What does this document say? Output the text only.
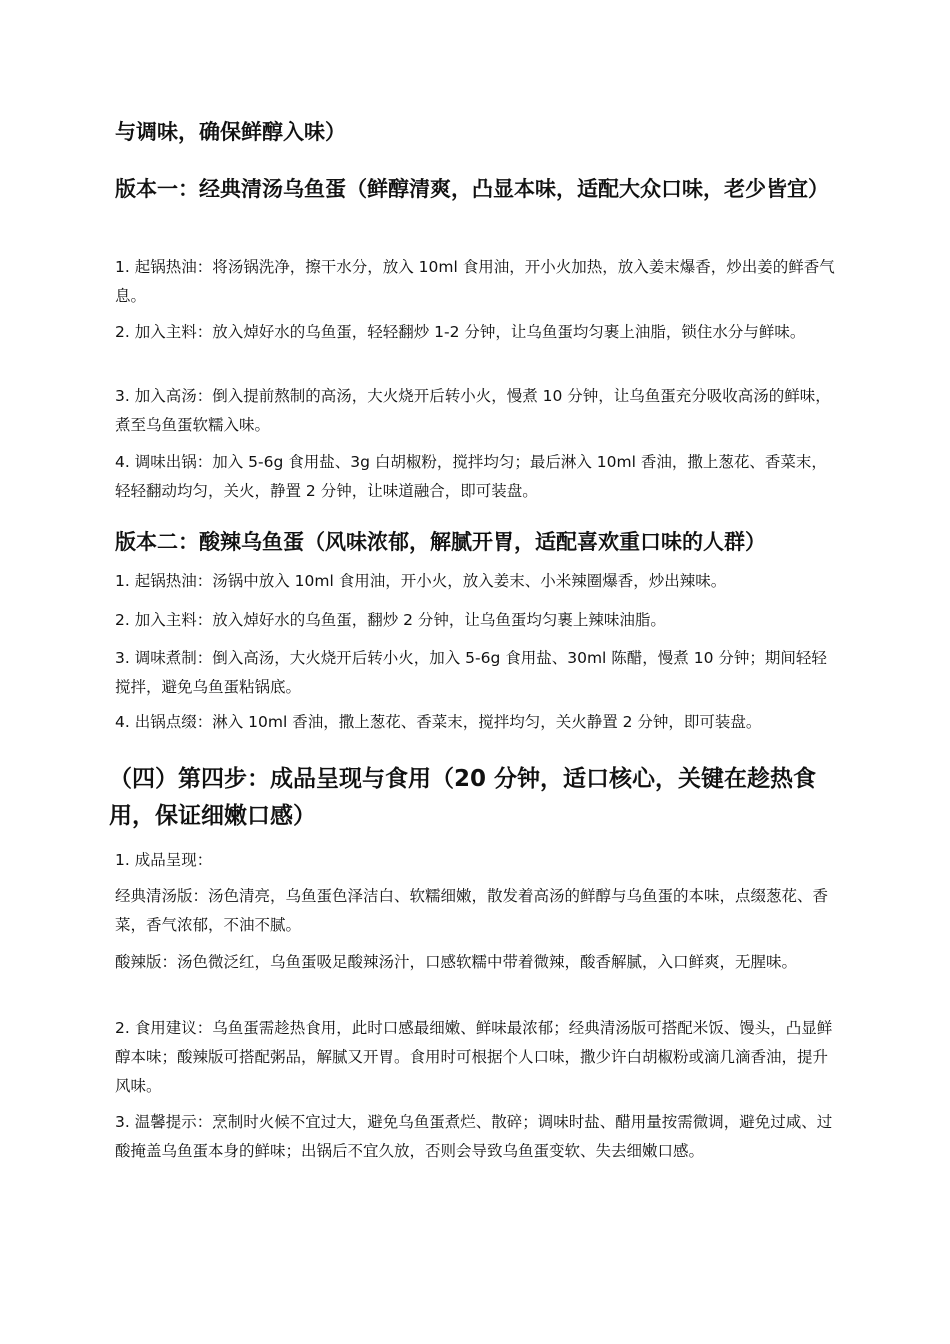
与调味，确保鲜醇入味）

版本一：经典清汤乌鱼蛋（鲜醇清爽，凸显本味，适配大众口味，老少皆宜）

1. 起锅热油：将汤锅洗净，擦干水分，放入 10ml 食用油，开小火加热，放入姜末爆香，炒出姜的鲜香气息。

2. 加入主料：放入焯好水的乌鱼蛋，轻轻翻炒 1-2 分钟，让乌鱼蛋均匀裹上油脂，锁住水分与鲜味。

3. 加入高汤：倒入提前熬制的高汤，大火烧开后转小火，慢煮 10 分钟，让乌鱼蛋充分吸收高汤的鲜味，煮至乌鱼蛋软糯入味。

4. 调味出锅：加入 5-6g 食用盐、3g 白胡椒粉，搅拌均匀；最后淋入 10ml 香油，撒上葱花、香菜末，轻轻翻动均匀，关火，静置 2 分钟，让味道融合，即可装盘。

版本二：酸辣乌鱼蛋（风味浓郁，解腻开胃，适配喜欢重口味的人群）

1. 起锅热油：汤锅中放入 10ml 食用油，开小火，放入姜末、小米辣圈爆香，炒出辣味。

2. 加入主料：放入焯好水的乌鱼蛋，翻炒 2 分钟，让乌鱼蛋均匀裹上辣味油脂。

3. 调味煮制：倒入高汤，大火烧开后转小火，加入 5-6g 食用盐、30ml 陈醋，慢煮 10 分钟；期间轻轻搅拌，避免乌鱼蛋粘锅底。

4. 出锅点缀：淋入 10ml 香油，撒上葱花、香菜末，搅拌均匀，关火静置 2 分钟，即可装盘。

（四）第四步：成品呈现与食用（20 分钟，适口核心，关键在趁热食用，保证细嫩口感）

1. 成品呈现：

经典清汤版：汤色清亮，乌鱼蛋色泽洁白、软糯细嫩，散发着高汤的鲜醇与乌鱼蛋的本味，点缀葱花、香菜，香气浓郁，不油不腻。

酸辣版：汤色微泛红，乌鱼蛋吸足酸辣汤汁，口感软糯中带着微辣，酸香解腻，入口鲜爽，无腥味。

2. 食用建议：乌鱼蛋需趁热食用，此时口感最细嫩、鲜味最浓郁；经典清汤版可搭配米饭、馒头，凸显鲜醇本味；酸辣版可搭配粥品，解腻又开胃。食用时可根据个人口味，撒少许白胡椒粉或滴几滴香油，提升风味。

3. 温馨提示：烹制时火候不宜过大，避免乌鱼蛋煮烂、散碎；调味时盐、醋用量按需微调，避免过咸、过酸掩盖乌鱼蛋本身的鲜味；出锅后不宜久放，否则会导致乌鱼蛋变软、失去细嫩口感。
